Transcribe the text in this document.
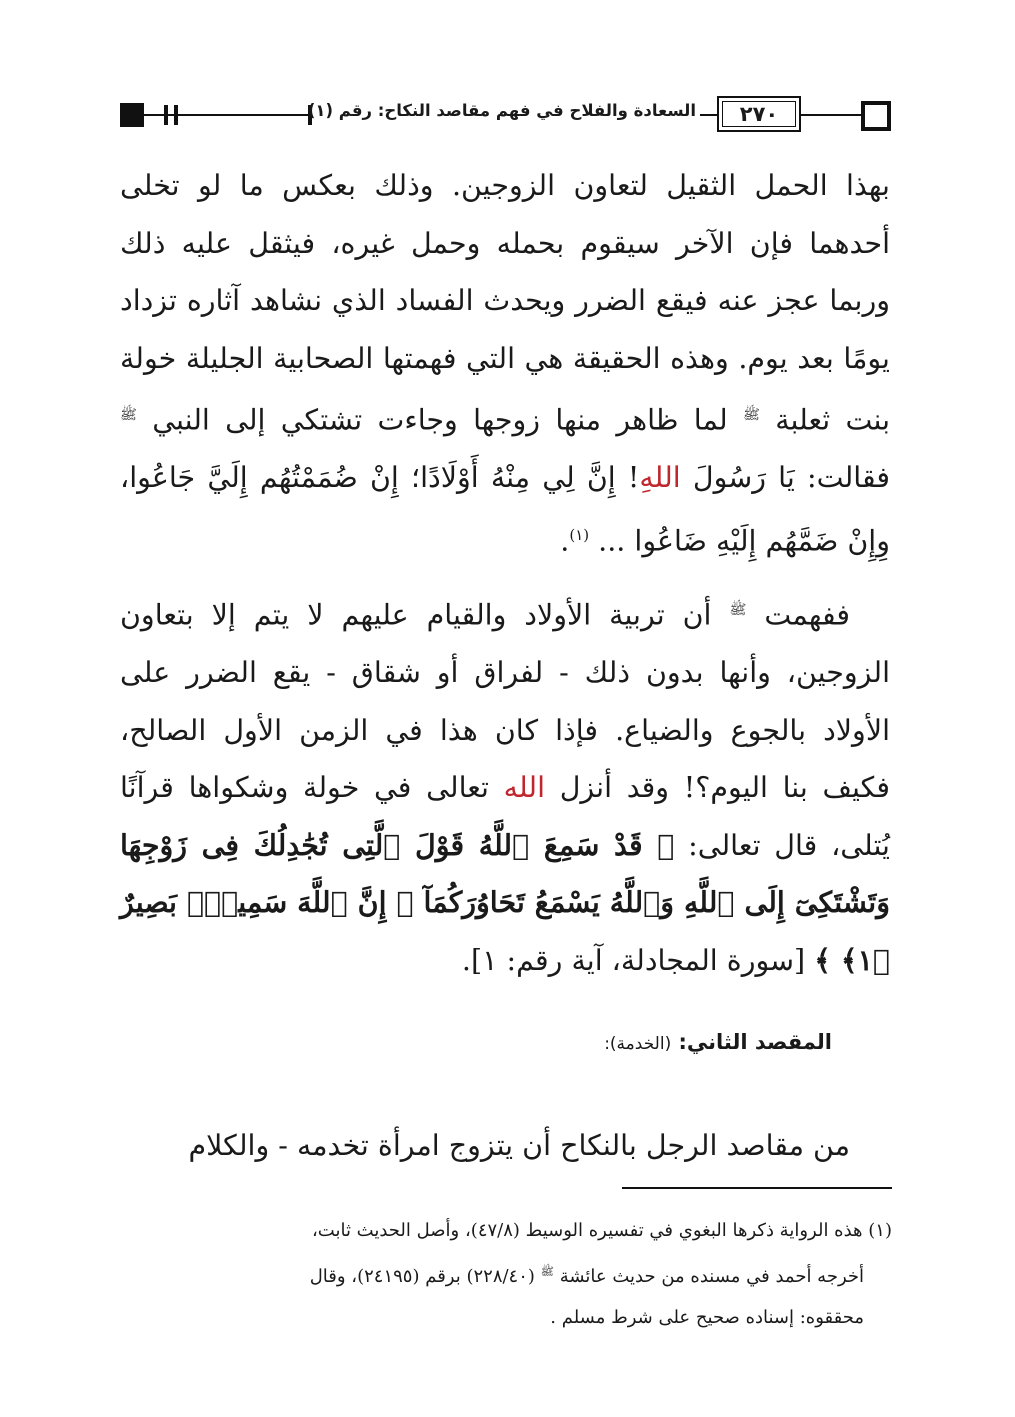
السعادة والفلاح في فهم مقاصد النكاح: رقم (١)	٢٧٠

بهذا الحمل الثقيل لتعاون الزوجين. وذلك بعكس ما لو تخلى أحدهما فإن الآخر سيقوم بحمله وحمل غيره، فيثقل عليه ذلك وربما عجز عنه فيقع الضرر ويحدث الفساد الذي نشاهد آثاره تزداد يومًا بعد يوم. وهذه الحقيقة هي التي فهمتها الصحابية الجليلة خولة بنت ثعلبة $^ﷺ$ لما ظاهر منها زوجها وجاءت تشتكي إلى النبي $^ﷺ$ فقالت: يَا رَسُولَ اللهِ! إِنَّ لِي مِنْهُ أَوْلَادًا؛ إِنْ ضُمَمْتُهُم إِلَيَّ جَاعُوا، وِإِنْ ضَمَّهُم إِلَيْهِ ضَاعُوا ... $^{(١)}$.

ففهمت $^ﷺ$ أن تربية الأولاد والقيام عليهم لا يتم إلا بتعاون الزوجين، وأنها بدون ذلك - لفراق أو شقاق - يقع الضرر على الأولاد بالجوع والضياع. فإذا كان هذا في الزمن الأول الصالح، فكيف بنا اليوم؟! وقد أنزل الله تعالى في خولة وشكواها قرآنًا يُتلى، قال تعالى: ﴿ قَدْ سَمِعَ ٱللَّهُ قَوْلَ ٱلَّتِى تُجَٰدِلُكَ فِى زَوْجِهَا وَتَشْتَكِىٓ إِلَى ٱللَّهِ وَٱللَّهُ يَسْمَعُ تَحَاوُرَكُمَآ ۚ إِنَّ ٱللَّهَ سَمِيعٌۢ بَصِيرٌ ﴿١﴾ ﴾ [سورة المجادلة، آية رقم: ١].

المقصد الثاني: (الخدمة):

من مقاصد الرجل بالنكاح أن يتزوج امرأة تخدمه - والكلام

(١) هذه الرواية ذكرها البغوي في تفسيره الوسيط (٤٧/٨)، وأصل الحديث ثابت،
أخرجه أحمد في مسنده من حديث عائشة $^ﷺ$ (٢٢٨/٤٠) برقم (٢٤١٩٥)، وقال
محققوه: إسناده صحيح على شرط مسلم .
